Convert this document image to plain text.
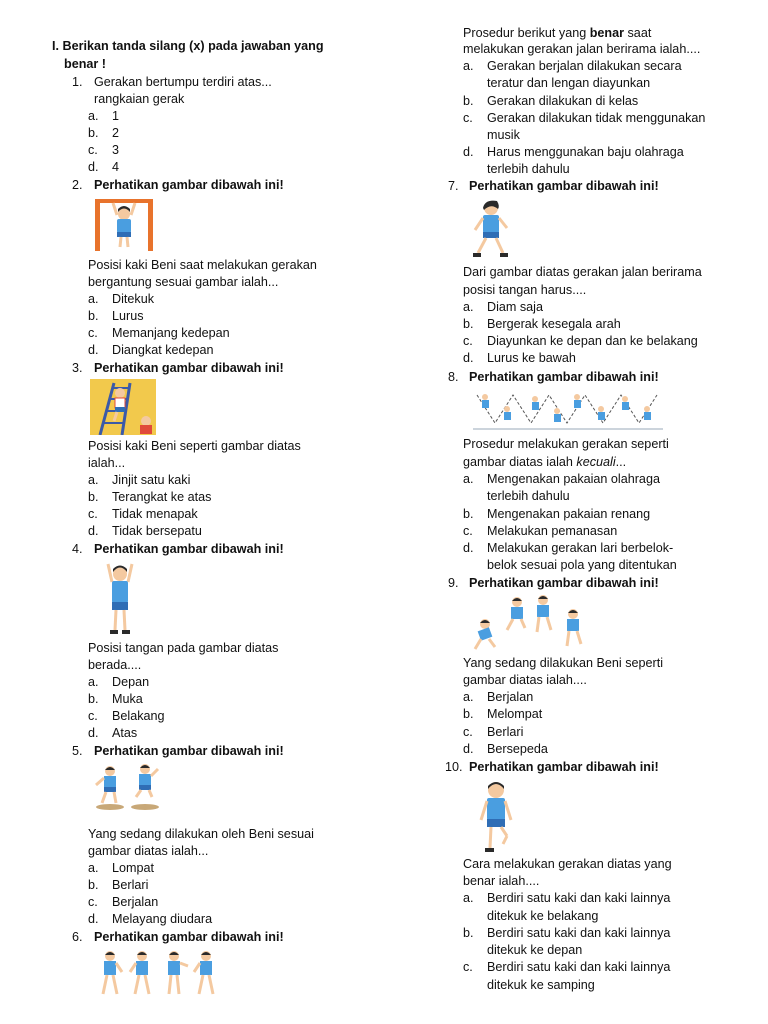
I. Berikan tanda silang (x) pada jawaban yang
benar !
1. Gerakan bertumpu terdiri atas...
rangkaian gerak
a. 1
b. 2
c. 3
d. 4
2. Perhatikan gambar dibawah ini!
Posisi kaki Beni saat melakukan gerakan
bergantung sesuai gambar ialah...
a. Ditekuk
b. Lurus
c. Memanjang kedepan
d. Diangkat kedepan
3. Perhatikan gambar dibawah ini!
Posisi kaki Beni seperti gambar diatas
ialah...
a. Jinjit satu kaki
b. Terangkat ke atas
c. Tidak menapak
d. Tidak bersepatu
4. Perhatikan gambar dibawah ini!
Posisi tangan pada gambar diatas
berada....
a. Depan
b. Muka
c. Belakang
d. Atas
5. Perhatikan gambar dibawah ini!
Yang sedang dilakukan oleh Beni sesuai
gambar diatas ialah...
a. Lompat
b. Berlari
c. Berjalan
d. Melayang diudara
6. Perhatikan gambar dibawah ini!
Prosedur berikut yang benar saat
melakukan gerakan jalan berirama ialah....
a. Gerakan berjalan dilakukan secara
teratur dan lengan diayunkan
b. Gerakan dilakukan di kelas
c. Gerakan dilakukan tidak menggunakan
musik
d. Harus menggunakan baju olahraga
terlebih dahulu
7. Perhatikan gambar dibawah ini!
Dari gambar diatas gerakan jalan berirama
posisi tangan harus....
a. Diam saja
b. Bergerak kesegala arah
c. Diayunkan ke depan dan ke belakang
d. Lurus ke bawah
8. Perhatikan gambar dibawah ini!
Prosedur melakukan gerakan seperti
gambar diatas ialah kecuali...
a. Mengenakan pakaian olahraga
terlebih dahulu
b. Mengenakan pakaian renang
c. Melakukan pemanasan
d. Melakukan gerakan lari berbelok-
belok sesuai pola yang ditentukan
9. Perhatikan gambar dibawah ini!
Yang sedang dilakukan Beni seperti
gambar diatas ialah....
a. Berjalan
b. Melompat
c. Berlari
d. Bersepeda
10. Perhatikan gambar dibawah ini!
Cara melakukan gerakan diatas yang
benar ialah....
a. Berdiri satu kaki dan kaki lainnya
ditekuk ke belakang
b. Berdiri satu kaki dan kaki lainnya
ditekuk ke depan
c. Berdiri satu kaki dan kaki lainnya
ditekuk ke samping
